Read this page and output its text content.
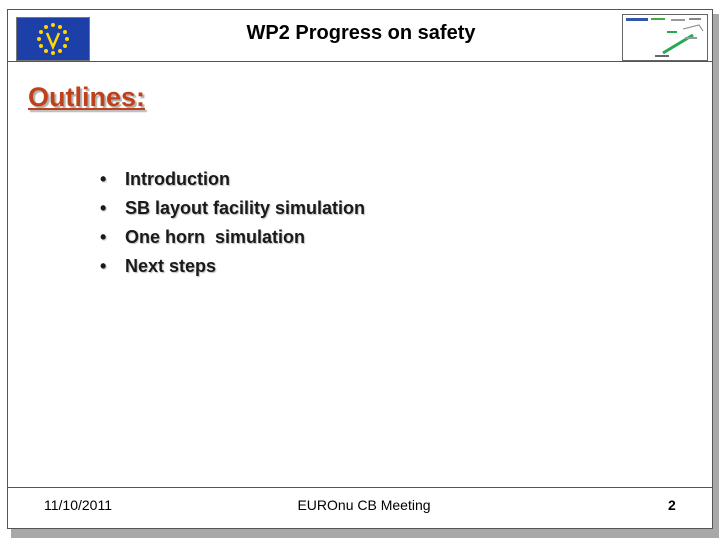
WP2 Progress on safety
Outlines:
• Introduction
• SB layout facility simulation
• One horn  simulation
• Next steps
11/10/2011	EUROnu CB Meeting	2
